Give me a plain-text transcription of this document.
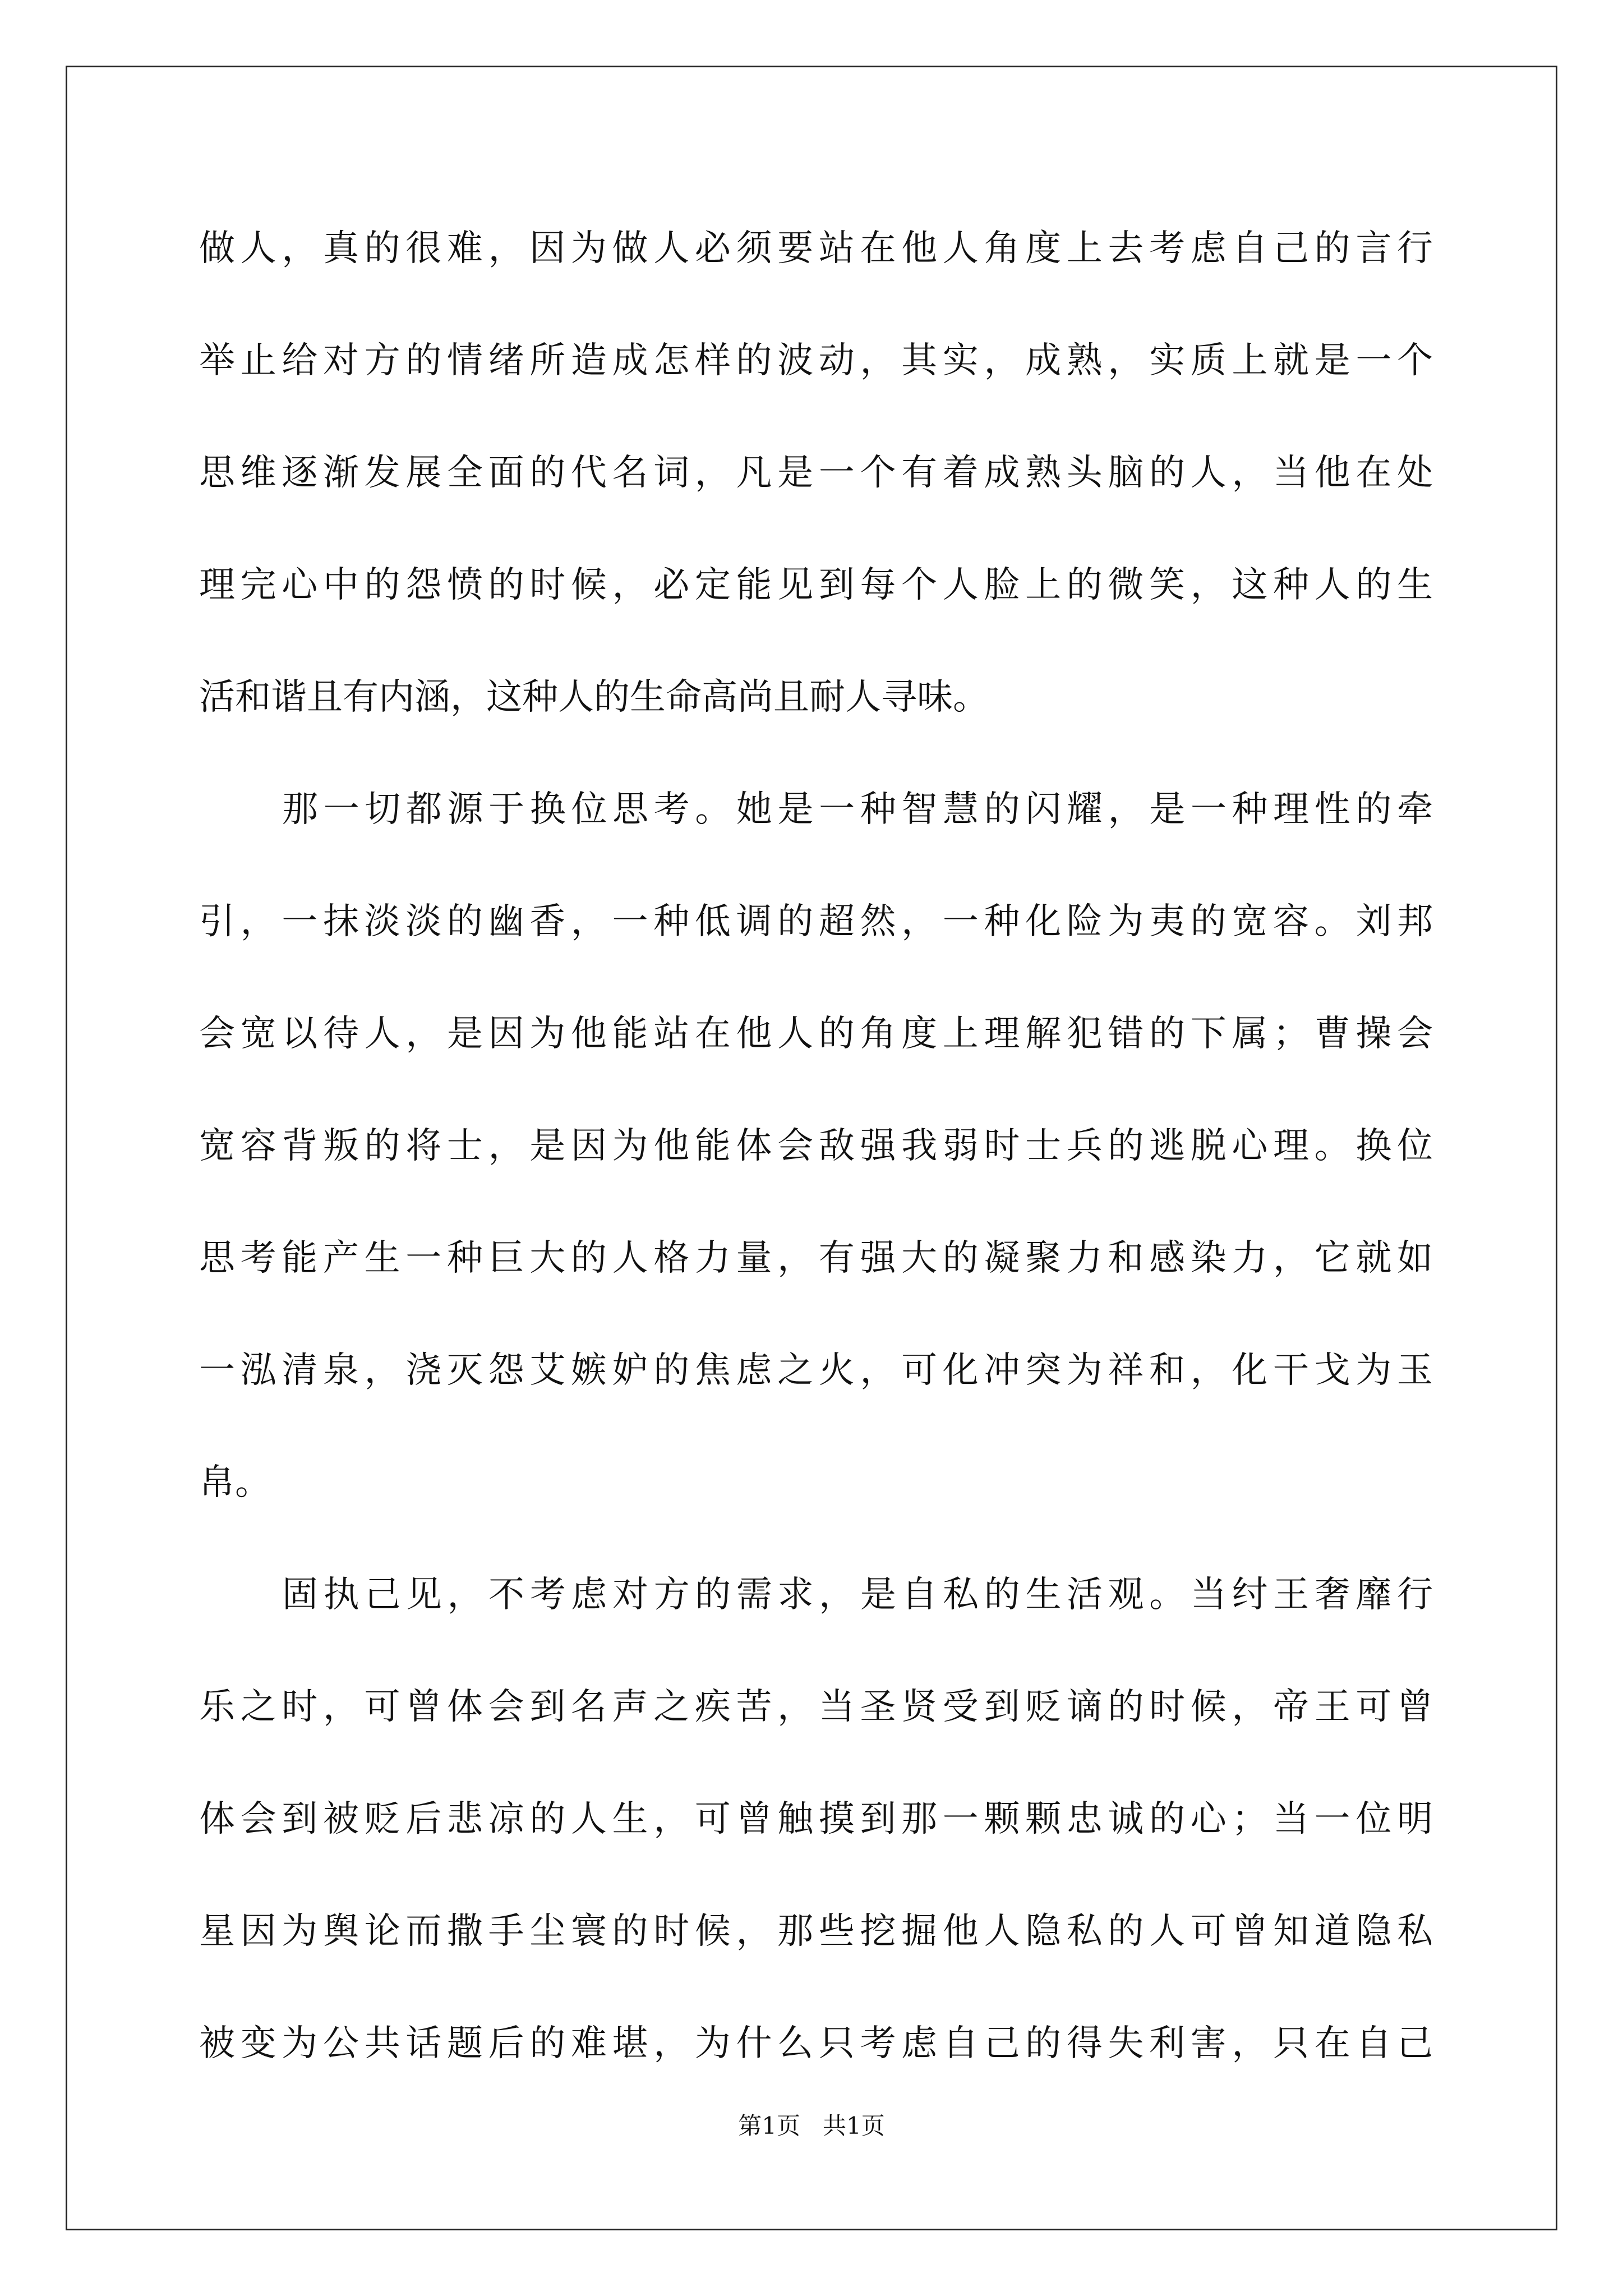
做人，真的很难，因为做人必须要站在他人角度上去考虑自己的言行
举止给对方的情绪所造成怎样的波动，其实，成熟，实质上就是一个
思维逐渐发展全面的代名词，凡是一个有着成熟头脑的人，当他在处
理完心中的怨愤的时候，必定能见到每个人脸上的微笑，这种人的生
活和谐且有内涵，这种人的生命高尚且耐人寻味。
那一切都源于换位思考。她是一种智慧的闪耀，是一种理性的牵
引，一抹淡淡的幽香，一种低调的超然，一种化险为夷的宽容。刘邦
会宽以待人，是因为他能站在他人的角度上理解犯错的下属；曹操会
宽容背叛的将士，是因为他能体会敌强我弱时士兵的逃脱心理。换位
思考能产生一种巨大的人格力量，有强大的凝聚力和感染力，它就如
一泓清泉，浇灭怨艾嫉妒的焦虑之火，可化冲突为祥和，化干戈为玉
帛。
固执己见，不考虑对方的需求，是自私的生活观。当纣王奢靡行
乐之时，可曾体会到名声之疾苦，当圣贤受到贬谪的时候，帝王可曾
体会到被贬后悲凉的人生，可曾触摸到那一颗颗忠诚的心；当一位明
星因为舆论而撒手尘寰的时候，那些挖掘他人隐私的人可曾知道隐私
被变为公共话题后的难堪，为什么只考虑自己的得失利害，只在自己
第1页 共1页
